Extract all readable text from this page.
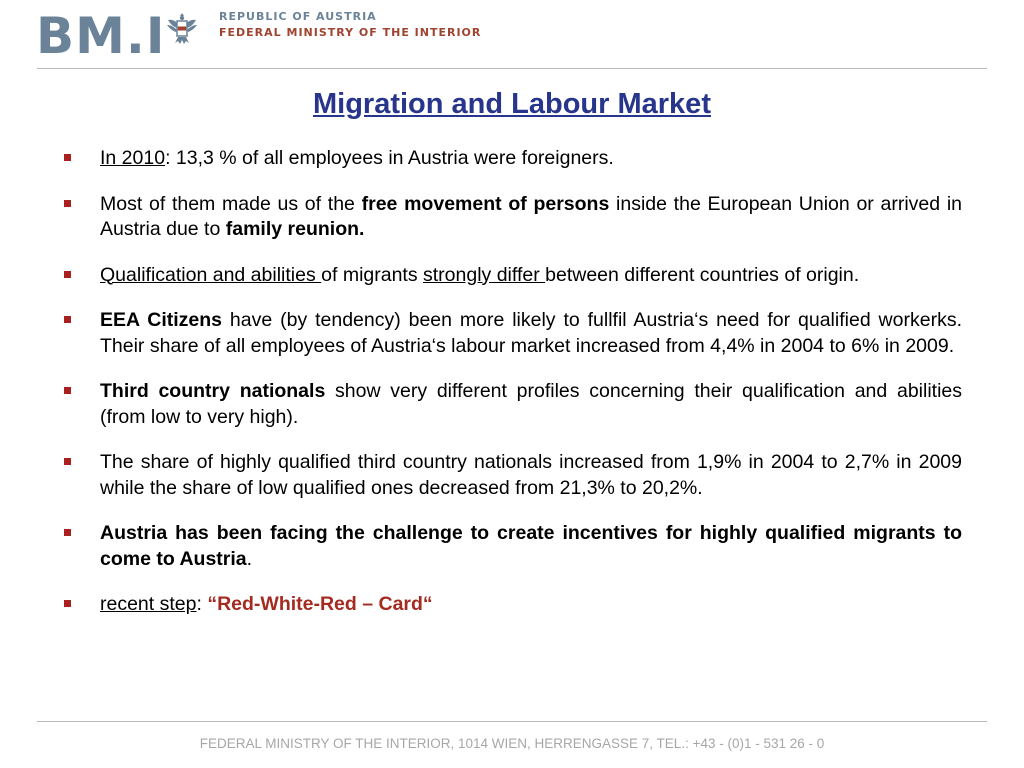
BM.I	REPUBLIC OF AUSTRIA
FEDERAL MINISTRY OF THE INTERIOR
Migration and Labour Market
In 2010: 13,3 % of all employees in Austria were foreigners.
Most of them made us of the free movement of persons inside the European Union or arrived in Austria due to family reunion.
Qualification and abilities of migrants strongly differ between different countries of origin.
EEA Citizens have (by tendency) been more likely to fullfil Austria‘s need for qualified workerks. Their share of all employees of Austria‘s labour market increased from 4,4% in 2004 to 6% in 2009.
Third country nationals show very different profiles concerning their qualification and abilities (from low to very high).
The share of highly qualified third country nationals increased from 1,9% in 2004 to 2,7% in 2009 while the share of low qualified ones decreased from 21,3% to 20,2%.
Austria has been facing the challenge to create incentives for highly qualified migrants to come to Austria.
recent step: “Red-White-Red – Card“
FEDERAL MINISTRY OF THE INTERIOR, 1014 WIEN, HERRENGASSE 7, TEL.: +43 - (0)1 - 531 26 - 0
